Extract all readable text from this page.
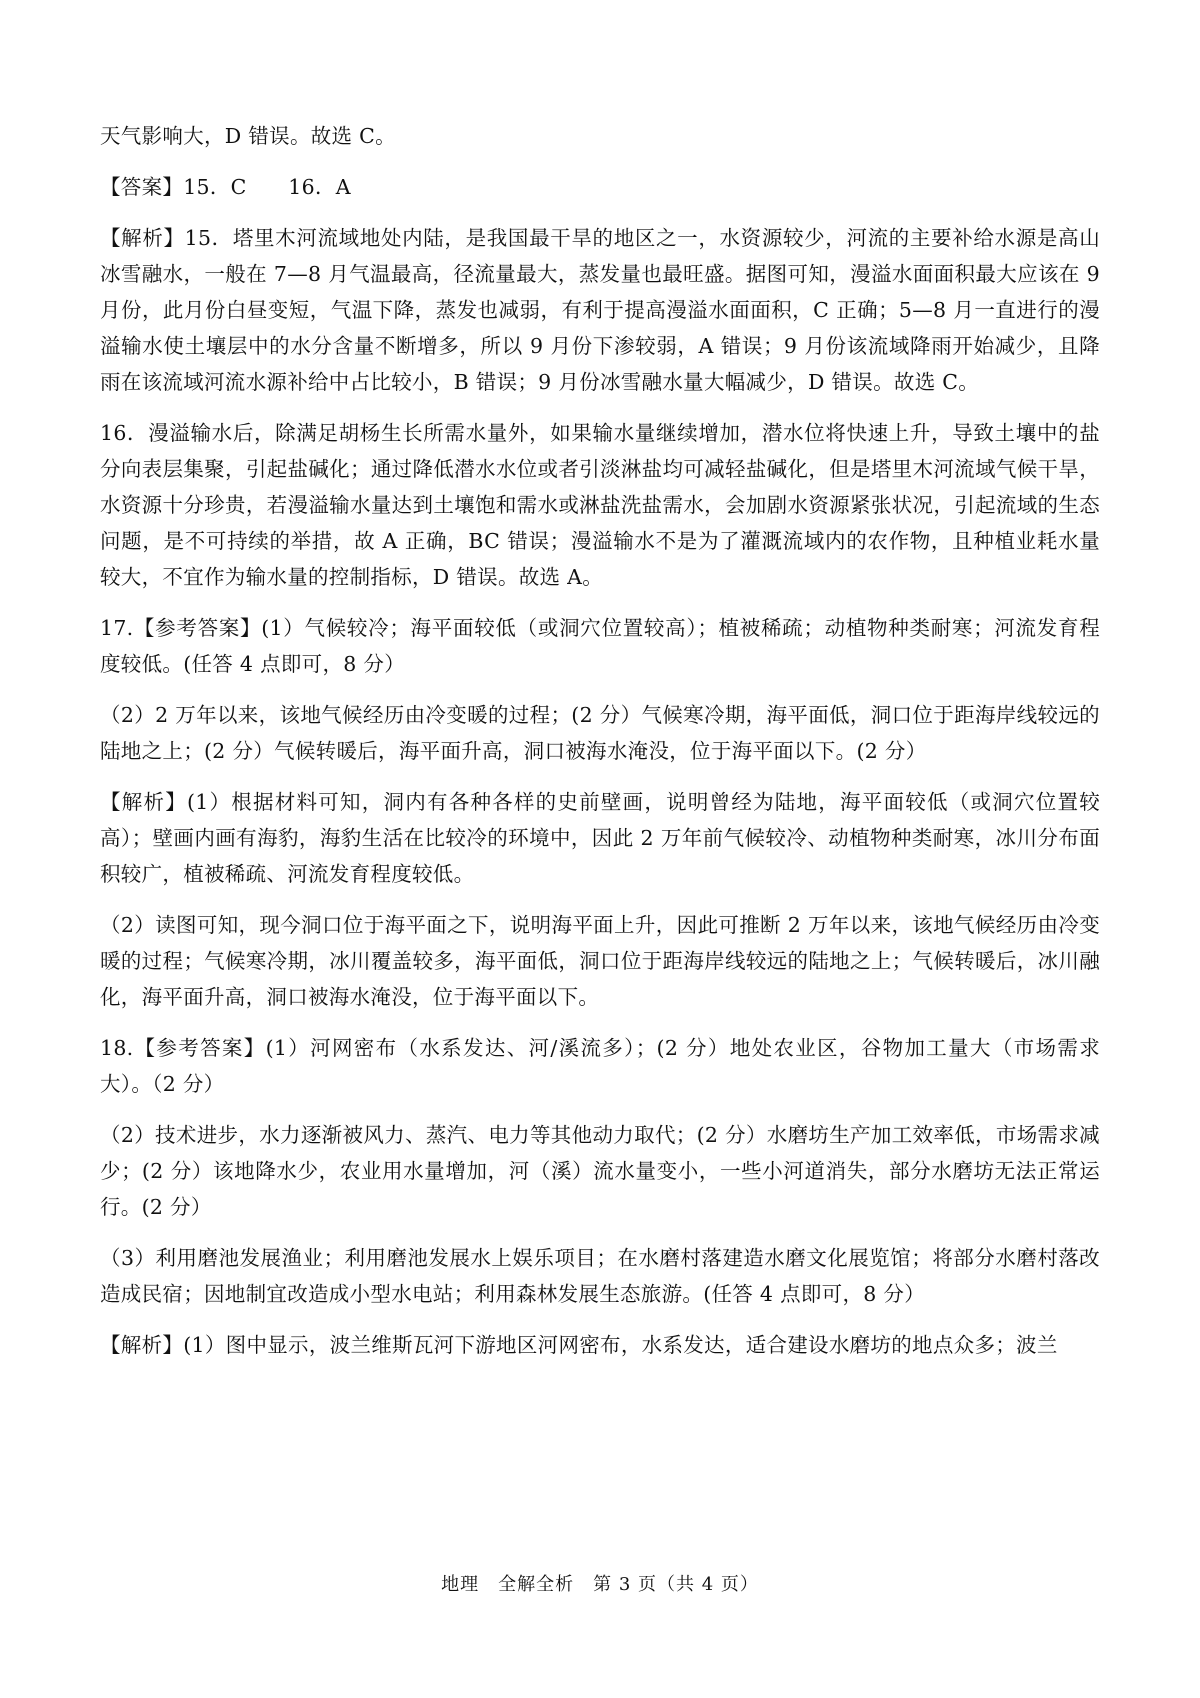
天气影响大，D 错误。故选 C。

【答案】15．C　　16．A

【解析】15．塔里木河流域地处内陆，是我国最干旱的地区之一，水资源较少，河流的主要补给水源是高山冰雪融水，一般在 7—8 月气温最高，径流量最大，蒸发量也最旺盛。据图可知，漫溢水面面积最大应该在 9 月份，此月份白昼变短，气温下降，蒸发也减弱，有利于提高漫溢水面面积，C 正确；5—8 月一直进行的漫溢输水使土壤层中的水分含量不断增多，所以 9 月份下渗较弱，A 错误；9 月份该流域降雨开始减少，且降雨在该流域河流水源补给中占比较小，B 错误；9 月份冰雪融水量大幅减少，D 错误。故选 C。

16．漫溢输水后，除满足胡杨生长所需水量外，如果输水量继续增加，潜水位将快速上升，导致土壤中的盐分向表层集聚，引起盐碱化；通过降低潜水水位或者引淡淋盐均可减轻盐碱化，但是塔里木河流域气候干旱，水资源十分珍贵，若漫溢输水量达到土壤饱和需水或淋盐洗盐需水，会加剧水资源紧张状况，引起流域的生态问题，是不可持续的举措，故 A 正确，BC 错误；漫溢输水不是为了灌溉流域内的农作物，且种植业耗水量较大，不宜作为输水量的控制指标，D 错误。故选 A。

17.【参考答案】(1）气候较冷；海平面较低（或洞穴位置较高）；植被稀疏；动植物种类耐寒；河流发育程度较低。(任答 4 点即可，8 分）

（2）2 万年以来，该地气候经历由冷变暖的过程；(2 分）气候寒冷期，海平面低，洞口位于距海岸线较远的陆地之上；(2 分）气候转暖后，海平面升高，洞口被海水淹没，位于海平面以下。(2 分）

【解析】(1）根据材料可知，洞内有各种各样的史前壁画，说明曾经为陆地，海平面较低（或洞穴位置较高）；壁画内画有海豹，海豹生活在比较冷的环境中，因此 2 万年前气候较冷、动植物种类耐寒，冰川分布面积较广，植被稀疏、河流发育程度较低。

（2）读图可知，现今洞口位于海平面之下，说明海平面上升，因此可推断 2 万年以来，该地气候经历由冷变暖的过程；气候寒冷期，冰川覆盖较多，海平面低，洞口位于距海岸线较远的陆地之上；气候转暖后，冰川融化，海平面升高，洞口被海水淹没，位于海平面以下。

18.【参考答案】(1）河网密布（水系发达、河/溪流多）；(2 分）地处农业区，谷物加工量大（市场需求大）。（2 分）

（2）技术进步，水力逐渐被风力、蒸汽、电力等其他动力取代；(2 分）水磨坊生产加工效率低，市场需求减少；(2 分）该地降水少，农业用水量增加，河（溪）流水量变小，一些小河道消失，部分水磨坊无法正常运行。(2 分）

（3）利用磨池发展渔业；利用磨池发展水上娱乐项目；在水磨村落建造水磨文化展览馆；将部分水磨村落改造成民宿；因地制宜改造成小型水电站；利用森林发展生态旅游。(任答 4 点即可，8 分）

【解析】(1）图中显示，波兰维斯瓦河下游地区河网密布，水系发达，适合建设水磨坊的地点众多；波兰

地理　全解全析　第 3 页（共 4 页）
